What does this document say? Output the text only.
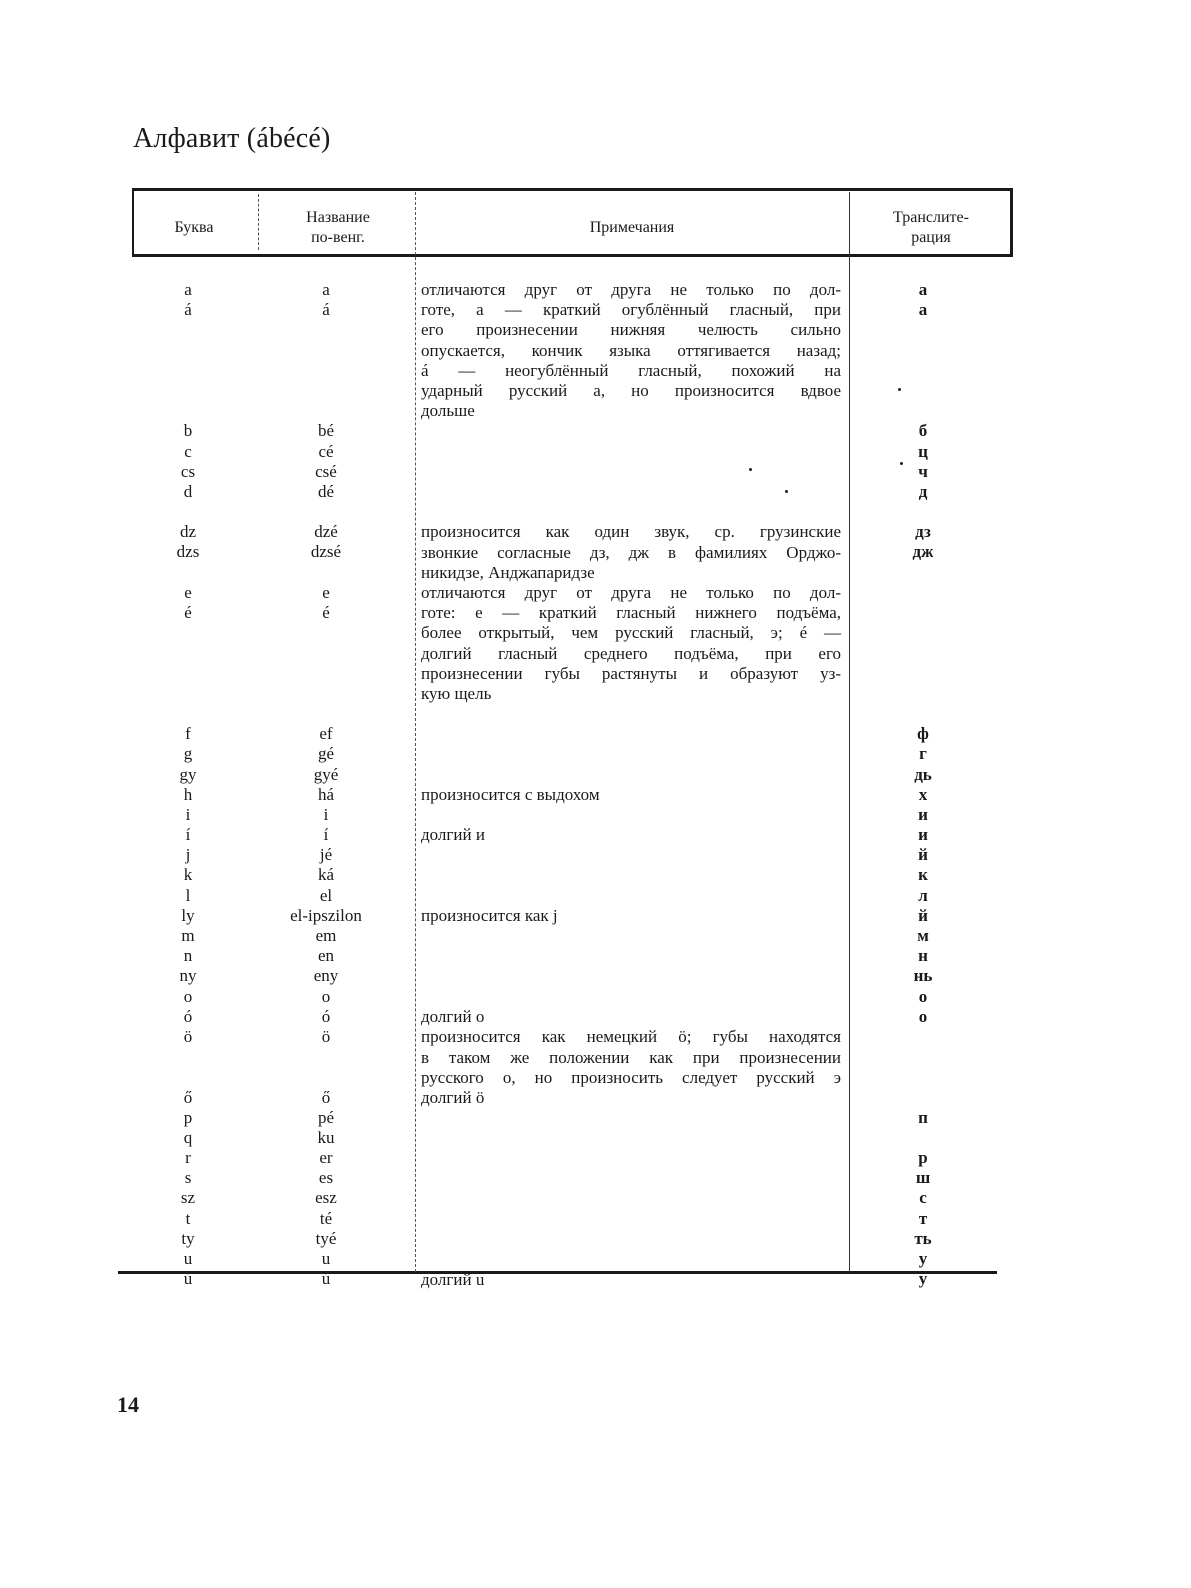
Алфавит (ábécé)
Буква
Название
по-венг.
Примечания
Транслите-
рация
a
á
b
c
cs
d
dz
dzs
e
é
f
g
gy
h
i
í
j
k
l
ly
m
n
ny
o
ó
ö
ő
p
q
r
s
sz
t
ty
u
ú
a
á
bé
cé
csé
dé
dzé
dzsé
e
é
ef
gé
gyé
há
i
í
jé
ká
el
el-ipszilon
em
en
eny
o
ó
ö
ő
pé
ku
er
es
esz
té
tyé
u
ú
отличаются друг от друга не только по дол-
готе, а — краткий огублённый гласный, при
его произнесении нижняя челюсть сильно
опускается, кончик языка оттягивается назад;
á — неогублённый гласный, похожий на
ударный русский а, но произносится вдвое
дольше
произносится как один звук, ср. грузинские
звонкие согласные дз, дж в фамилиях Орджо-
никидзе, Анджапаридзе
отличаются друг от друга не только по дол-
готе: е — краткий гласный нижнего подъёма,
более открытый, чем русский гласный, э; é —
долгий гласный среднего подъёма, при его
произнесении губы растянуты и образуют уз-
кую щель
произносится с выдохом
долгий и
произносится как j
долгий о
произносится как немецкий ö; губы находятся
в таком же положении как при произнесении
русского о, но произносить следует русский э
долгий ö
долгий u
а
а
б
ц
ч
д
дз
дж
ф
г
дь
х
и
и
й
к
л
й
м
н
нь
о
о
п
р
ш
с
т
ть
у
у

14
